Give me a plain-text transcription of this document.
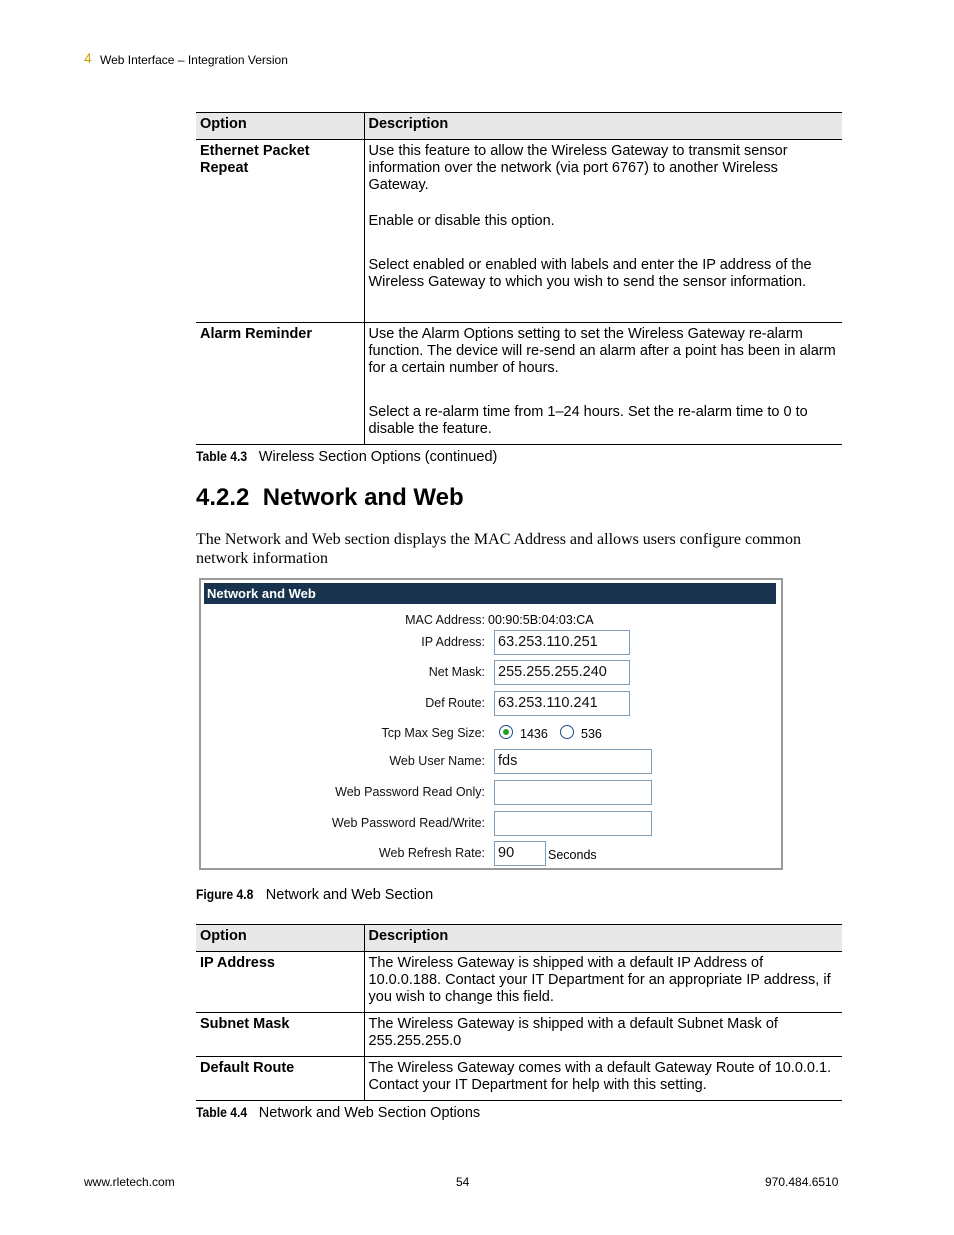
4 Web Interface – Integration Version
Option	Description

Ethernet Packet Repeat	Use this feature to allow the Wireless Gateway to transmit sensor information over the network (via port 6767) to another Wireless Gateway.

Enable or disable this option.

Select enabled or enabled with labels and enter the IP address of the Wireless Gateway to which you wish to send the sensor information.

Alarm Reminder	Use the Alarm Options setting to set the Wireless Gateway re-alarm function. The device will re-send an alarm after a point has been in alarm for a certain number of hours.

Select a re-alarm time from 1–24 hours. Set the re-alarm time to 0 to disable the feature.

Table 4.3 Wireless Section Options (continued)
4.2.2  Network and Web
The Network and Web section displays the MAC Address and allows users configure common network information
Network and Web
MAC Address: 00:90:5B:04:03:CA
IP Address: 63.253.110.251
Net Mask: 255.255.255.240
Def Route: 63.253.110.241
Tcp Max Seg Size:	1436	536
Web User Name: fds
Web Password Read Only:
Web Password Read/Write:
Web Refresh Rate: 90	Seconds
Figure 4.8 Network and Web Section
Option	Description
IP Address	The Wireless Gateway is shipped with a default IP Address of 10.0.0.188. Contact your IT Department for an appropriate IP address, if you wish to change this field.
Subnet Mask	The Wireless Gateway is shipped with a default Subnet Mask of 255.255.255.0
Default Route	The Wireless Gateway comes with a default Gateway Route of 10.0.0.1. Contact your IT Department for help with this setting.
Table 4.4 Network and Web Section Options
www.rletech.com	54	970.484.6510
